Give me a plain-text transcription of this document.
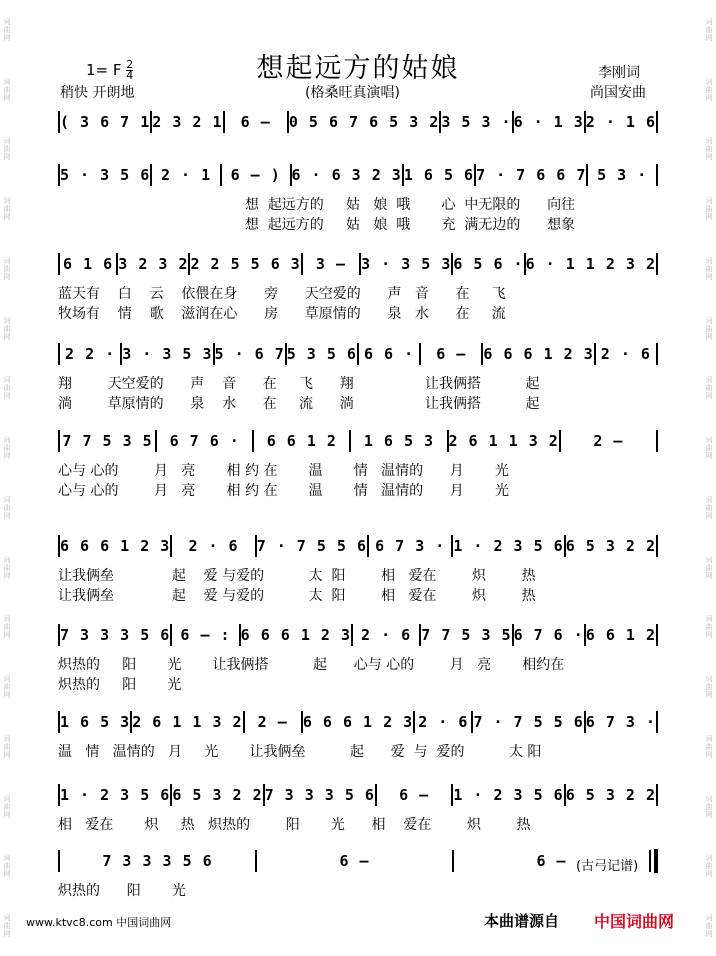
词曲网
词曲网
词曲网
词曲网
词曲网
词曲网
词曲网
词曲网
词曲网
词曲网
词曲网
词曲网
词曲网
词曲网
词曲网
词曲网
词曲网
词曲网
词曲网
词曲网
词曲网
词曲网
词曲网
词曲网
词曲网
词曲网
词曲网
词曲网
词曲网
词曲网
词曲网
词曲网
想起远方的姑娘
1= F $\frac{2}{4}$
稍快 开朗地	(格桑旺真演唱)
李刚词
尚国安曲
( 3 6 7 1 2 3 2 1	6 –	0 5 6 7 6 5 3 2 3 5 3 · 6 · 1 3 2 · 1 6
5 · 3 5 6 2 · 1	6 – ) 6 · 6 3 2 3 1 6 5 6 7 · 7 6 6 7 5 3 ·
想  起远方的     姑   娘  哦       心  中无限的      向往
想  起远方的     姑   娘  哦       充  满无边的      想象
6 1 6 3 2 3 2 2 2 5 5 6 3	3 –	3 · 3 5 3 6 5 6 · 6 · 1 1 2 3 2
蓝天有    白    云    依偎在身      旁      天空爱的      声   音      在     飞
牧场有    情    歌    滋润在心      房      草原情的      泉   水      在     流
2 2 · 3 · 3 5 3 5 · 6 7 5 3 5 6 6 6 ·	6 –	6 6 6 1 2 3 2 · 6
翔        天空爱的      声    音      在     飞      翔                让我俩搭          起
淌        草原情的      泉    水      在     流      淌                让我俩搭          起
7 7 5 3 5	6 7 6 ·	6 6 1 2	1 6 5 3 2 6 1 1 3 2	2 –
心与 心的        月   亮       相 约 在       温       情   温情的      月       光
心与 心的        月   亮       相 约 在       温       情   温情的      月       光
6 6 6 1 2 3	2 · 6	7 · 7 5 5 6 6 7 3 · 1 · 2 3 5 6 6 5 3 2 2
让我俩垒             起    爱 与爱的          太  阳        相   爱在        炽        热
让我俩垒             起    爱 与爱的          太  阳        相   爱在        炽        热
7 3 3 3 5 6 6 – : 6 6 6 1 2 3 2 · 6 7 7 5 3 5 6 7 6 · 6 6 1 2
炽热的     阳       光       让我俩搭          起      心与 心的        月   亮       相约在
炽热的     阳       光
1 6 5 3 2 6 1 1 3 2	2 –	6 6 6 1 2 3 2 · 6 7 · 7 5 5 6 6 7 3 ·
温   情   温情的   月     光       让我俩垒          起      爱  与  爱的          太 阳
1 · 2 3 5 6 6 5 3 2 2 7 3 3 3 5 6	6 –	1 · 2 3 5 6 6 5 3 2 2
相   爱在       炽     热   炽热的        阳       光      相    爱在        炽        热
7 3 3 3 5 6	6 –	6 –
炽热的      阳       光
(古弓记谱)
www.ktvc8.com 中国词曲网	本曲谱源自 中国词曲网
